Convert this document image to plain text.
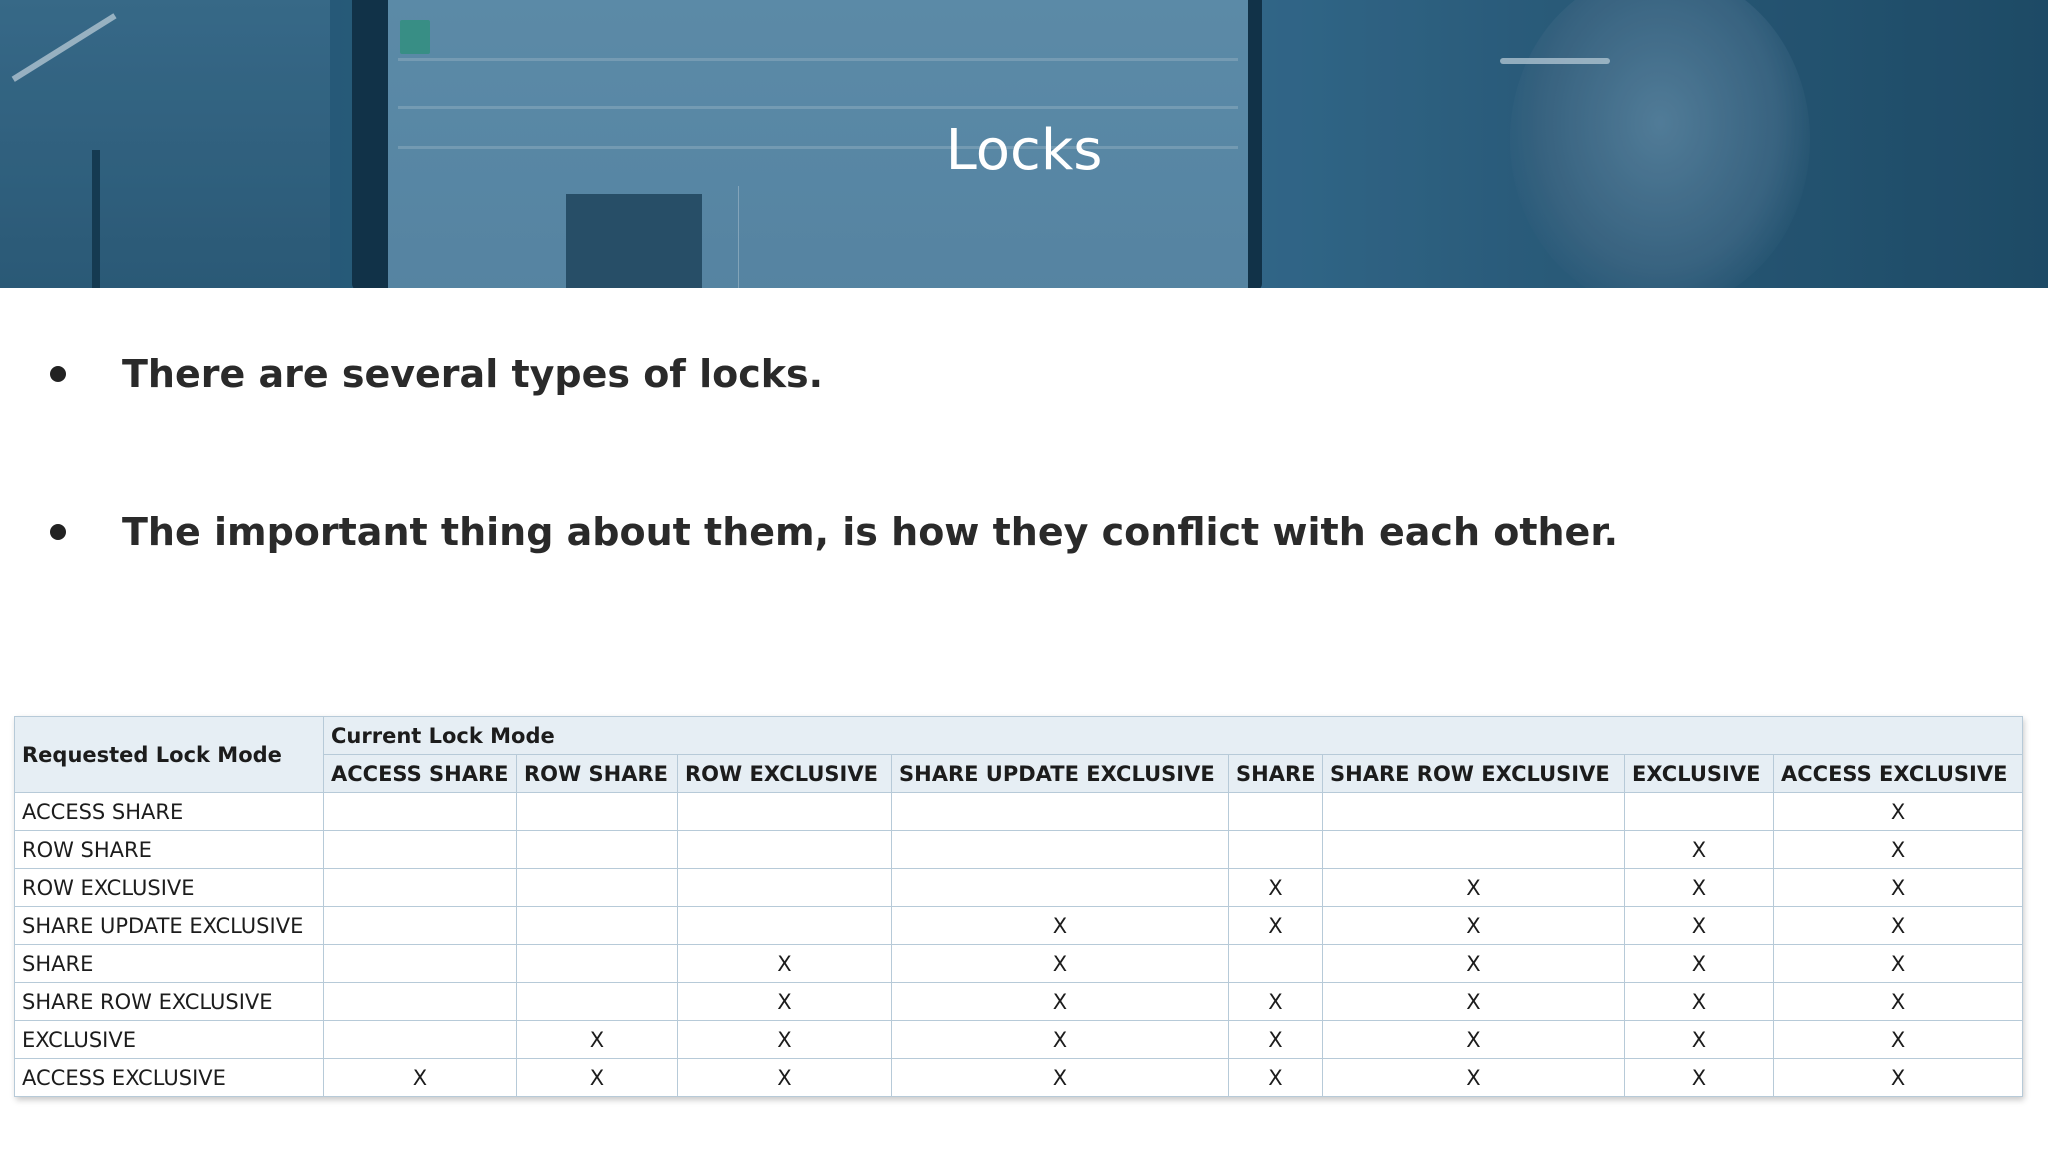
Locks
There are several types of locks.
The important thing about them, is how they conflict with each other.
Requested Lock Mode	Current Lock Mode							
	ACCESS SHARE	ROW SHARE	ROW EXCLUSIVE	SHARE UPDATE EXCLUSIVE	SHARE	SHARE ROW EXCLUSIVE	EXCLUSIVE	ACCESS EXCLUSIVE
ACCESS SHARE								X
ROW SHARE							X	X
ROW EXCLUSIVE					X	X	X	X
SHARE UPDATE EXCLUSIVE				X	X	X	X	X
SHARE			X	X		X	X	X
SHARE ROW EXCLUSIVE			X	X	X	X	X	X
EXCLUSIVE		X	X	X	X	X	X	X
ACCESS EXCLUSIVE	X	X	X	X	X	X	X	X
